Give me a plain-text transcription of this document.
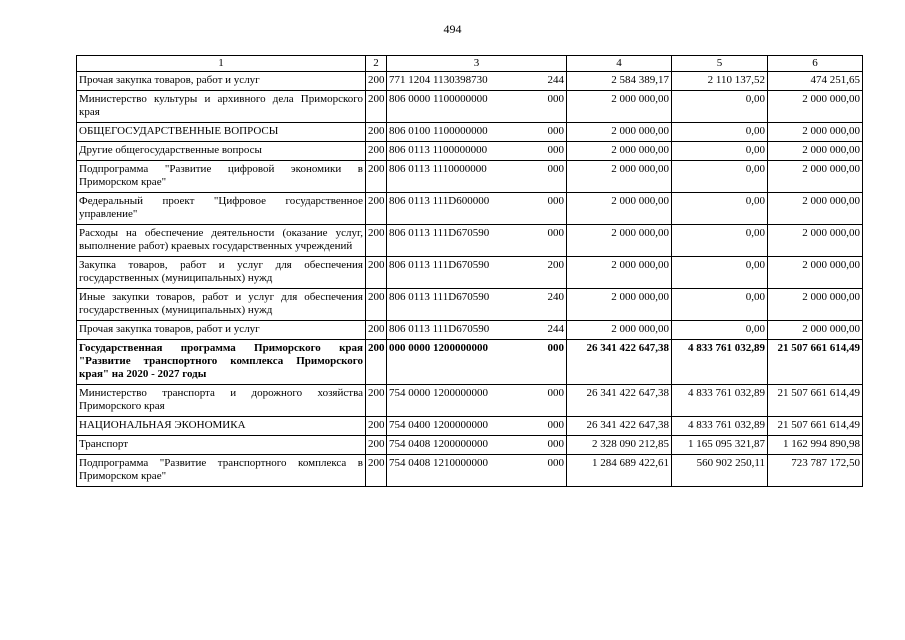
494
1	2	3	4	5	6
Прочая закупка товаров, работ и услуг	200	771 1204 1130398730 244	2 584 389,17	2 110 137,52	474 251,65
Министерство культуры и архивного дела Приморского края	200	806 0000 1100000000 000	2 000 000,00	0,00	2 000 000,00
ОБЩЕГОСУДАРСТВЕННЫЕ ВОПРОСЫ	200	806 0100 1100000000 000	2 000 000,00	0,00	2 000 000,00
Другие общегосударственные вопросы	200	806 0113 1100000000 000	2 000 000,00	0,00	2 000 000,00
Подпрограмма "Развитие цифровой экономики в Приморском крае"	200	806 0113 1110000000 000	2 000 000,00	0,00	2 000 000,00
Федеральный проект "Цифровое государственное управление"	200	806 0113 111D600000 000	2 000 000,00	0,00	2 000 000,00
Расходы на обеспечение деятельности (оказание услуг, выполнение работ) краевых государственных учреждений	200	806 0113 111D670590 000	2 000 000,00	0,00	2 000 000,00
Закупка товаров, работ и услуг для обеспечения государственных (муниципальных) нужд	200	806 0113 111D670590 200	2 000 000,00	0,00	2 000 000,00
Иные закупки товаров, работ и услуг для обеспечения государственных (муниципальных) нужд	200	806 0113 111D670590 240	2 000 000,00	0,00	2 000 000,00
Прочая закупка товаров, работ и услуг	200	806 0113 111D670590 244	2 000 000,00	0,00	2 000 000,00
Государственная программа Приморского края "Развитие транспортного комплекса Приморского края" на 2020 - 2027 годы	200	000 0000 1200000000 000	26 341 422 647,38	4 833 761 032,89	21 507 661 614,49
Министерство транспорта и дорожного хозяйства Приморского края	200	754 0000 1200000000 000	26 341 422 647,38	4 833 761 032,89	21 507 661 614,49
НАЦИОНАЛЬНАЯ ЭКОНОМИКА	200	754 0400 1200000000 000	26 341 422 647,38	4 833 761 032,89	21 507 661 614,49
Транспорт	200	754 0408 1200000000 000	2 328 090 212,85	1 165 095 321,87	1 162 994 890,98
Подпрограмма "Развитие транспортного комплекса в Приморском крае"	200	754 0408 1210000000 000	1 284 689 422,61	560 902 250,11	723 787 172,50
